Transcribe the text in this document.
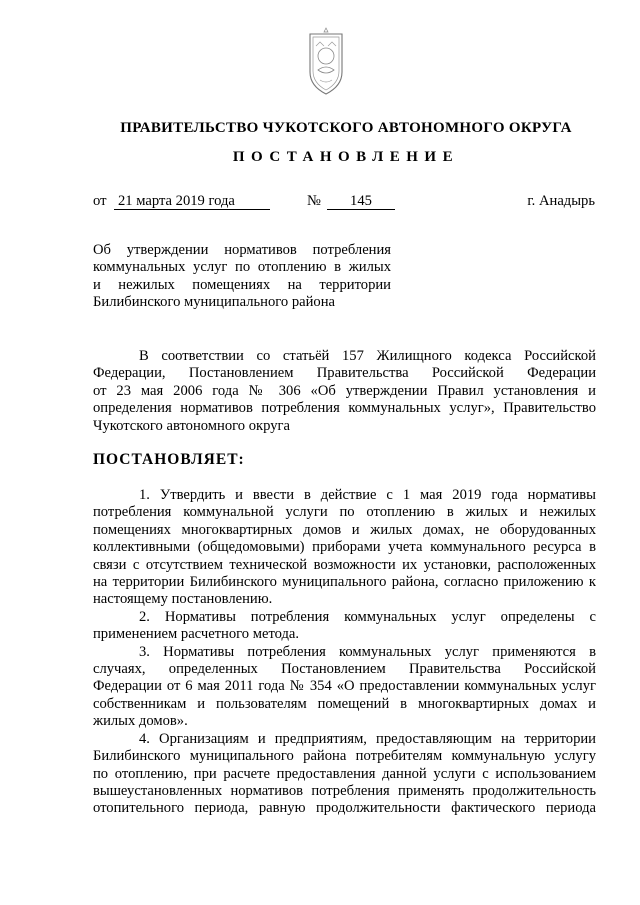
ПРАВИТЕЛЬСТВО ЧУКОТСКОГО АВТОНОМНОГО ОКРУГА
ПОСТАНОВЛЕНИЕ
от 21 марта 2019 года	№	145	г. Анадырь
Об утверждении нормативов потребления
коммунальных услуг по отоплению в жилых
и нежилых помещениях на территории
Билибинского муниципального района
В соответствии со статьёй 157 Жилищного кодекса Российской
Федерации, Постановлением Правительства Российской Федерации
от 23 мая 2006 года № 306 «Об утверждении Правил установления и
определения нормативов потребления коммунальных услуг», Правительство
Чукотского автономного округа
ПОСТАНОВЛЯЕТ:
1. Утвердить и ввести в действие с 1 мая 2019 года нормативы
потребления коммунальной услуги по отоплению в жилых и нежилых
помещениях многоквартирных домов и жилых домах, не оборудованных
коллективными (общедомовыми) приборами учета коммунального ресурса в
связи с отсутствием технической возможности их установки, расположенных
на территории Билибинского муниципального района, согласно приложению к
настоящему постановлению.
2. Нормативы потребления коммунальных услуг определены с
применением расчетного метода.
3. Нормативы потребления коммунальных услуг применяются в
случаях, определенных Постановлением Правительства Российской
Федерации от 6 мая 2011 года № 354 «О предоставлении коммунальных услуг
собственникам и пользователям помещений в многоквартирных домах и
жилых домов».
4. Организациям и предприятиям, предоставляющим на территории
Билибинского муниципального района потребителям коммунальную услугу
по отоплению, при расчете предоставления данной услуги с использованием
вышеустановленных нормативов потребления применять продолжительность
отопительного периода, равную продолжительности фактического периода
